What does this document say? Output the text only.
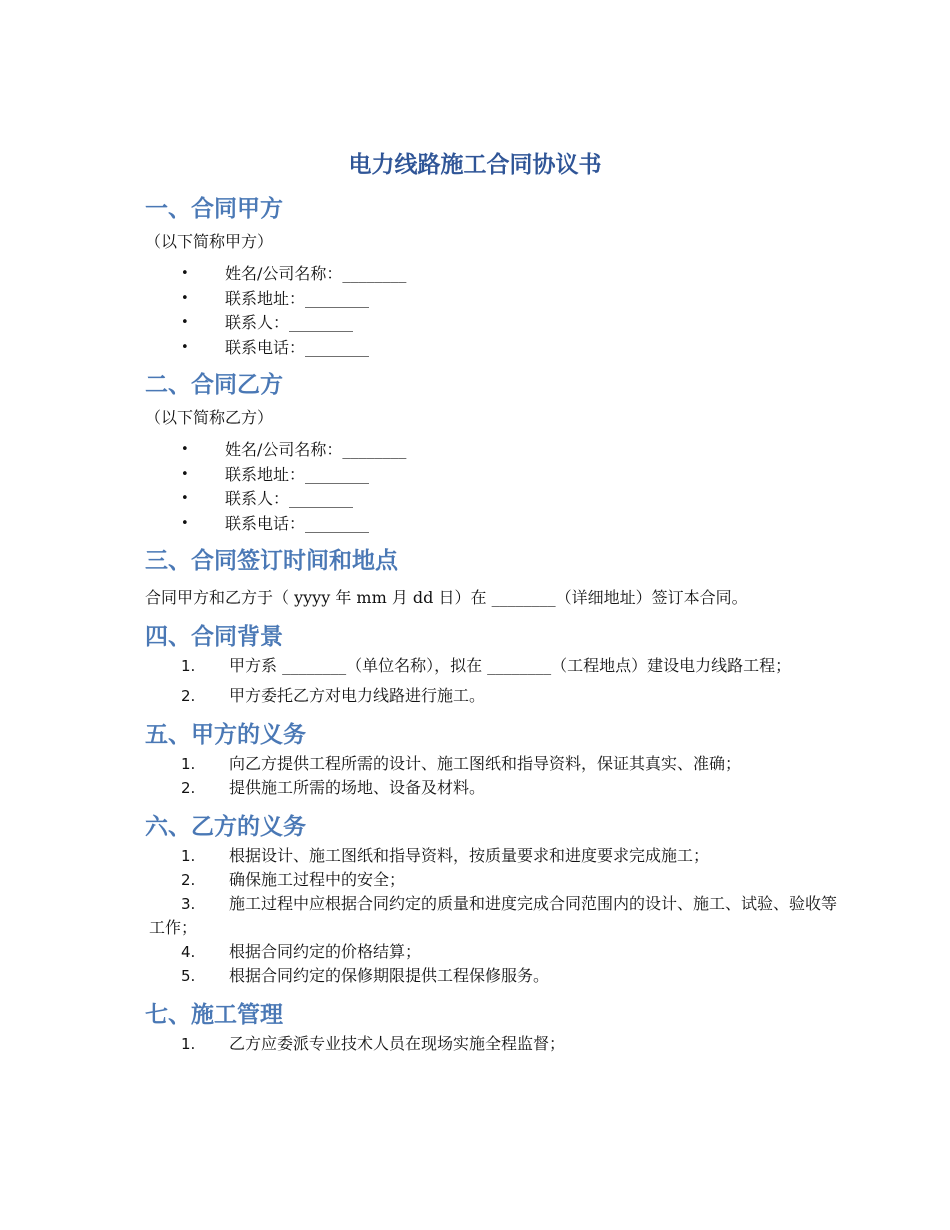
电力线路施工合同协议书
一、合同甲方

（以下简称甲方）

• 姓名/公司名称：________
• 联系地址：________
• 联系人：________
• 联系电话：________
二、合同乙方

（以下简称乙方）

• 姓名/公司名称：________
• 联系地址：________
• 联系人：________
• 联系电话：________
三、合同签订时间和地点

合同甲方和乙方于（ yyyy 年 mm 月 dd 日）在 ________（详细地址）签订本合同。

四、合同背景
1. 甲方系 ________（单位名称），拟在 ________（工程地点）建设电力线路工程；
2. 甲方委托乙方对电力线路进行施工。
五、甲方的义务
1. 向乙方提供工程所需的设计、施工图纸和指导资料，保证其真实、准确；
2. 提供施工所需的场地、设备及材料。
六、乙方的义务
1. 根据设计、施工图纸和指导资料，按质量要求和进度要求完成施工；
2. 确保施工过程中的安全；
3. 施工过程中应根据合同约定的质量和进度完成合同范围内的设计、施工、试验、验收等工作；
4. 根据合同约定的价格结算；
5. 根据合同约定的保修期限提供工程保修服务。
七、施工管理
1. 乙方应委派专业技术人员在现场实施全程监督；
